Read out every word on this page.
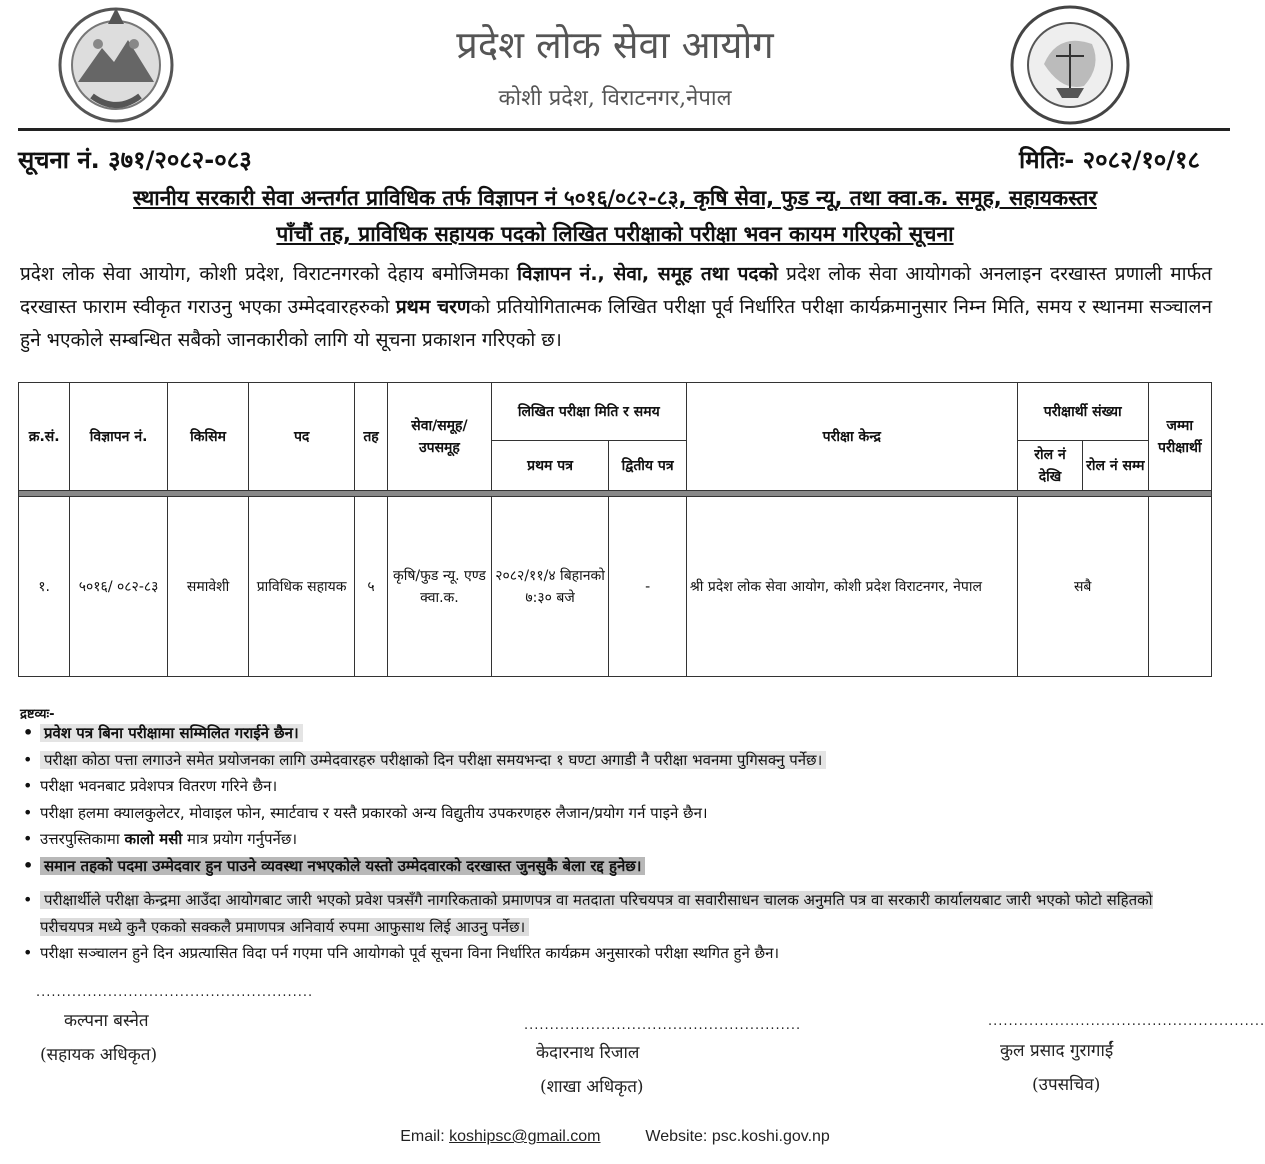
प्रदेश लोक सेवा आयोग
कोशी प्रदेश, विराटनगर,नेपाल
सूचना नं. ३७१/२०८२-०८३	मितिः- २०८२/१०/१८
स्थानीय सरकारी सेवा अन्तर्गत प्राविधिक तर्फ विज्ञापन नं ५०१६/०८२-८३, कृषि सेवा, फुड न्यू, तथा क्वा.क. समूह, सहायकस्तर
पाँचौं तह, प्राविधिक सहायक पदको लिखित परीक्षाको परीक्षा भवन कायम गरिएको सूचना
प्रदेश लोक सेवा आयोग, कोशी प्रदेश, विराटनगरको देहाय बमोजिमका विज्ञापन नं., सेवा, समूह तथा पदको प्रदेश लोक सेवा आयोगको अनलाइन दरखास्त प्रणाली मार्फत दरखास्त फाराम स्वीकृत गराउनु भएका उम्मेदवारहरुको प्रथम चरणको प्रतियोगितात्मक लिखित परीक्षा पूर्व निर्धारित परीक्षा कार्यक्रमानुसार निम्न मिति, समय र स्थानमा सञ्चालन हुने भएकोले सम्बन्धित सबैको जानकारीको लागि यो सूचना प्रकाशन गरिएको छ।
क्र.सं.	विज्ञापन नं.	किसिम	पद	तह	सेवा/समूह/ उपसमूह	लिखित परीक्षा मिति र समय		परीक्षा केन्द्र	परीक्षार्थी संख्या		जम्मा परीक्षार्थी
						प्रथम पत्र	द्वितीय पत्र		रोल नं देखि	रोल नं सम्म	

१.	५०१६/ ०८२-८३	समावेशी	प्राविधिक सहायक	५	कृषि/फुड न्यू. एण्ड क्वा.क.	२०८२/११/४ बिहानको ७:३० बजे	-	श्री प्रदेश लोक सेवा आयोग, कोशी प्रदेश विराटनगर, नेपाल	सबै		
द्रष्टव्यः-
• प्रवेश पत्र बिना परीक्षामा सम्मिलित गराईने छैन।
• परीक्षा कोठा पत्ता लगाउने समेत प्रयोजनका लागि उम्मेदवारहरु परीक्षाको दिन परीक्षा समयभन्दा १ घण्टा अगाडी नै परीक्षा भवनमा पुगिसक्नु पर्नेछ।
• परीक्षा भवनबाट प्रवेशपत्र वितरण गरिने छैन।
• परीक्षा हलमा क्यालकुलेटर, मोवाइल फोन, स्मार्टवाच र यस्तै प्रकारको अन्य विद्युतीय उपकरणहरु लैजान/प्रयोग गर्न पाइने छैन।
• उत्तरपुस्तिकामा कालो मसी मात्र प्रयोग गर्नुपर्नेछ।
• समान तहको पदमा उम्मेदवार हुन पाउने व्यवस्था नभएकोले यस्तो उम्मेदवारको दरखास्त जुनसुकै बेला रद्द हुनेछ।
• परीक्षार्थीले परीक्षा केन्द्रमा आउँदा आयोगबाट जारी भएको प्रवेश पत्रसँगै नागरिकताको प्रमाणपत्र वा मतदाता परिचयपत्र वा सवारीसाधन चालक अनुमति पत्र वा सरकारी कार्यालयबाट जारी भएको फोटो सहितको परीचयपत्र मध्ये कुनै एकको सक्कलै प्रमाणपत्र अनिवार्य रुपमा आफुसाथ लिई आउनु पर्नेछ।
• परीक्षा सञ्चालन हुने दिन अप्रत्यासित विदा पर्न गएमा पनि आयोगको पूर्व सूचना विना निर्धारित कार्यक्रम अनुसारको परीक्षा स्थगित हुने छैन।
......................................................
कल्पना बस्नेत
(सहायक अधिकृत)
......................................................
केदारनाथ रिजाल
(शाखा अधिकृत)
......................................................
कुल प्रसाद गुरागाईं
(उपसचिव)
Email: koshipsc@gmail.com	Website: psc.koshi.gov.np
